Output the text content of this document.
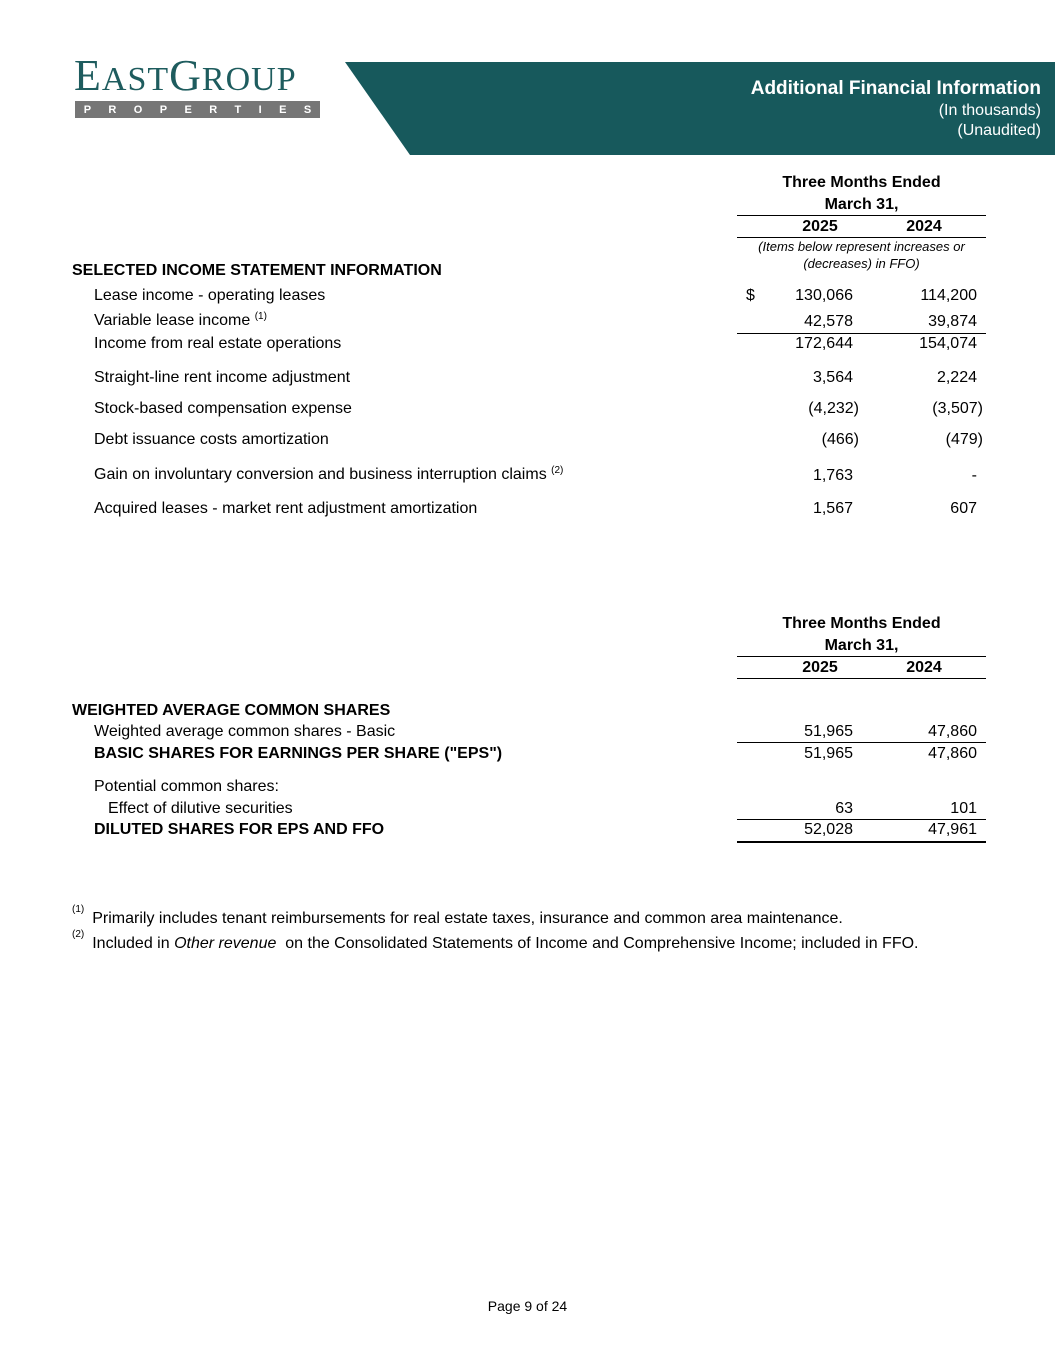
EASTGROUP
P R O P E R T I E S
Additional Financial Information
(In thousands)
(Unaudited)
Three Months Ended
March 31,
2025	2024
(Items below represent increases or (decreases) in FFO)
SELECTED INCOME STATEMENT INFORMATION
Lease income - operating leases	$	130,066	114,200
Variable lease income $^{(1)}$	42,578	39,874
Income from real estate operations	172,644	154,074
Straight-line rent income adjustment	3,564	2,224
Stock-based compensation expense	(4,232)	(3,507)
Debt issuance costs amortization	(466)	(479)
Gain on involuntary conversion and business interruption claims $^{(2)}$	1,763	-
Acquired leases - market rent adjustment amortization	1,567	607
Three Months Ended
March 31,
2025	2024
WEIGHTED AVERAGE COMMON SHARES
Weighted average common shares - Basic	51,965	47,860
BASIC SHARES FOR EARNINGS PER SHARE ("EPS")	51,965	47,860
Potential common shares:
Effect of dilutive securities	63	101
DILUTED SHARES FOR EPS AND FFO	52,028	47,961
$^{(1)}$Primarily includes tenant reimbursements for real estate taxes, insurance and common area maintenance.
$^{(2)}$Included in Other revenue on the Consolidated Statements of Income and Comprehensive Income; included in FFO.
Page 9 of 24
